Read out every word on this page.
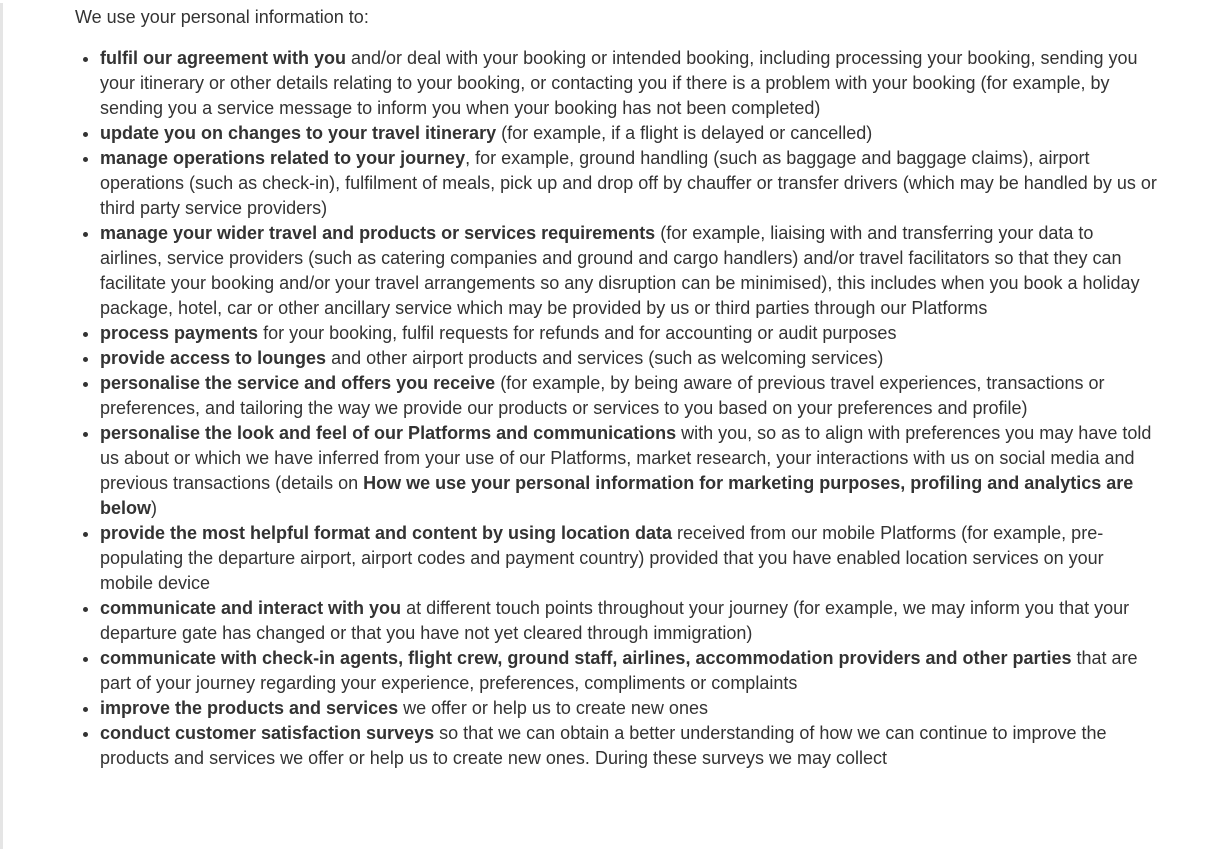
We use your personal information to:

• fulfil our agreement with you and/or deal with your booking or intended booking, including processing your booking, sending you your itinerary or other details relating to your booking, or contacting you if there is a problem with your booking (for example, by sending you a service message to inform you when your booking has not been completed)
• update you on changes to your travel itinerary (for example, if a flight is delayed or cancelled)
• manage operations related to your journey, for example, ground handling (such as baggage and baggage claims), airport operations (such as check-in), fulfilment of meals, pick up and drop off by chauffer or transfer drivers (which may be handled by us or third party service providers)
• manage your wider travel and products or services requirements (for example, liaising with and transferring your data to airlines, service providers (such as catering companies and ground and cargo handlers) and/or travel facilitators so that they can facilitate your booking and/or your travel arrangements so any disruption can be minimised), this includes when you book a holiday package, hotel, car or other ancillary service which may be provided by us or third parties through our Platforms
• process payments for your booking, fulfil requests for refunds and for accounting or audit purposes
• provide access to lounges and other airport products and services (such as welcoming services)
• personalise the service and offers you receive (for example, by being aware of previous travel experiences, transactions or preferences, and tailoring the way we provide our products or services to you based on your preferences and profile)
• personalise the look and feel of our Platforms and communications with you, so as to align with preferences you may have told us about or which we have inferred from your use of our Platforms, market research, your interactions with us on social media and previous transactions (details on How we use your personal information for marketing purposes, profiling and analytics are below)
• provide the most helpful format and content by using location data received from our mobile Platforms (for example, pre-populating the departure airport, airport codes and payment country) provided that you have enabled location services on your mobile device
• communicate and interact with you at different touch points throughout your journey (for example, we may inform you that your departure gate has changed or that you have not yet cleared through immigration)
• communicate with check-in agents, flight crew, ground staff, airlines, accommodation providers and other parties that are part of your journey regarding your experience, preferences, compliments or complaints
• improve the products and services we offer or help us to create new ones
• conduct customer satisfaction surveys so that we can obtain a better understanding of how we can continue to improve the products and services we offer or help us to create new ones. During these surveys we may collect
